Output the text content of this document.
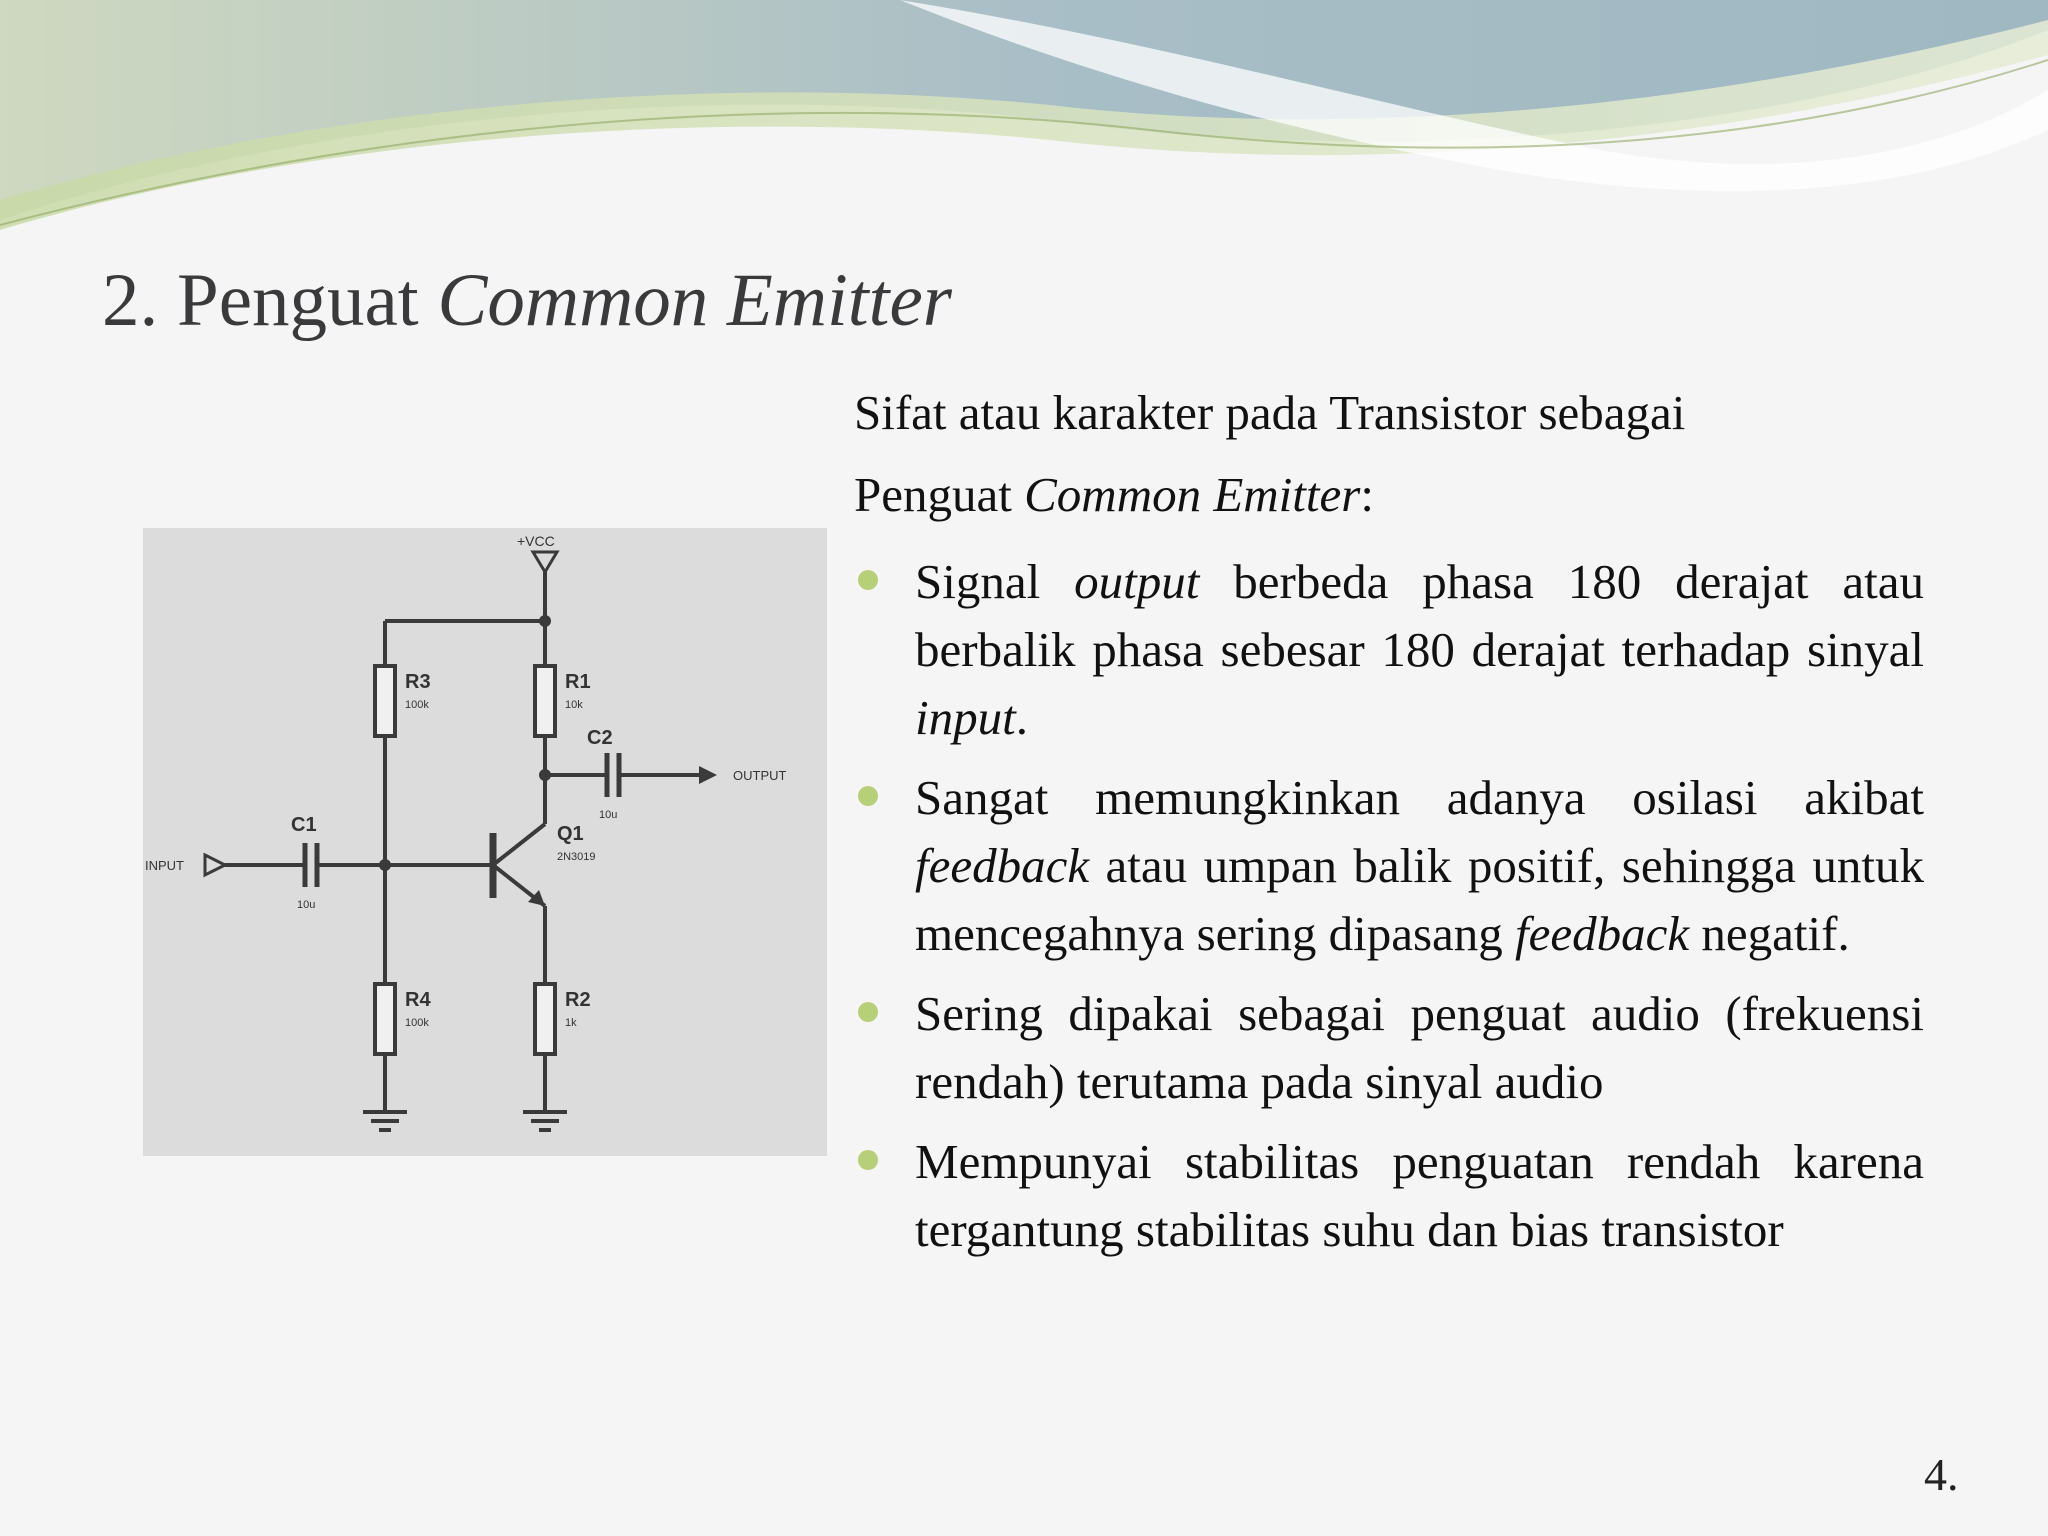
2. Penguat Common Emitter
+VCC
R3
100k
R1
10k
C2
10u
OUTPUT
C1
10u
INPUT
Q1
2N3019
R4
100k
R2
1k

Sifat atau karakter pada Transistor sebagai
Penguat Common Emitter:

Signal output berbeda phasa 180 derajat atau berbalik phasa sebesar 180 derajat terhadap sinyal input.
Sangat memungkinkan adanya osilasi akibat feedback atau umpan balik positif, sehingga untuk mencegahnya sering dipasang feedback negatif.
Sering dipakai sebagai penguat audio (frekuensi rendah) terutama pada sinyal audio
Mempunyai stabilitas penguatan rendah karena tergantung stabilitas suhu dan bias transistor
4.
